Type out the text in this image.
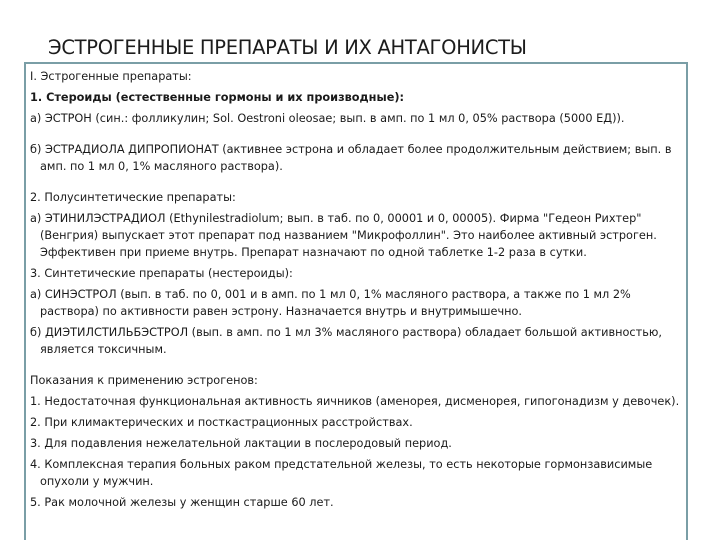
ЭСТРОГЕННЫЕ ПРЕПАРАТЫ И ИХ АНТАГОНИСТЫ

I. Эстрогенные препараты:

1. Стероиды (естественные гормоны и их производные):

а) ЭСТРОН (син.: фолликулин; Sol. Oestroni oleosae; вып. в амп. по 1 мл 0, 05% раствора (5000 ЕД)).

б) ЭСТРАДИОЛА ДИПРОПИОНАТ (активнее эстрона и обладает более продолжительным действием; вып. в амп. по 1 мл 0, 1% масляного раствора).

2. Полусинтетические препараты:

а) ЭТИНИЛЭСТРАДИОЛ (Ethynilestradiolum; вып. в таб. по 0, 00001 и 0, 00005). Фирма "Гедеон Рихтер" (Венгрия) выпускает этот препарат под названием "Микрофоллин". Это наиболее активный эстроген. Эффективен при приеме внутрь. Препарат назначают по одной таблетке 1-2 раза в сутки.

3. Синтетические препараты (нестероиды):

а) СИНЭСТРОЛ (вып. в таб. по 0, 001 и в амп. по 1 мл 0, 1% масляного раствора, а также по 1 мл 2% раствора) по активности равен эстрону. Назначается внутрь и внутримышечно.

б) ДИЭТИЛСТИЛЬБЭСТРОЛ (вып. в амп. по 1 мл 3% масляного раствора) обладает большой активностью, является токсичным.

Показания к применению эстрогенов:

1. Недостаточная функциональная активность яичников (аменорея, дисменорея, гипогонадизм у девочек).

2. При климактерических и посткастрационных расстройствах.

3. Для подавления нежелательной лактации в послеродовый период.

4. Комплексная терапия больных раком предстательной железы, то есть некоторые гормонзависимые опухоли у мужчин.

5. Рак молочной железы у женщин старше 60 лет.
